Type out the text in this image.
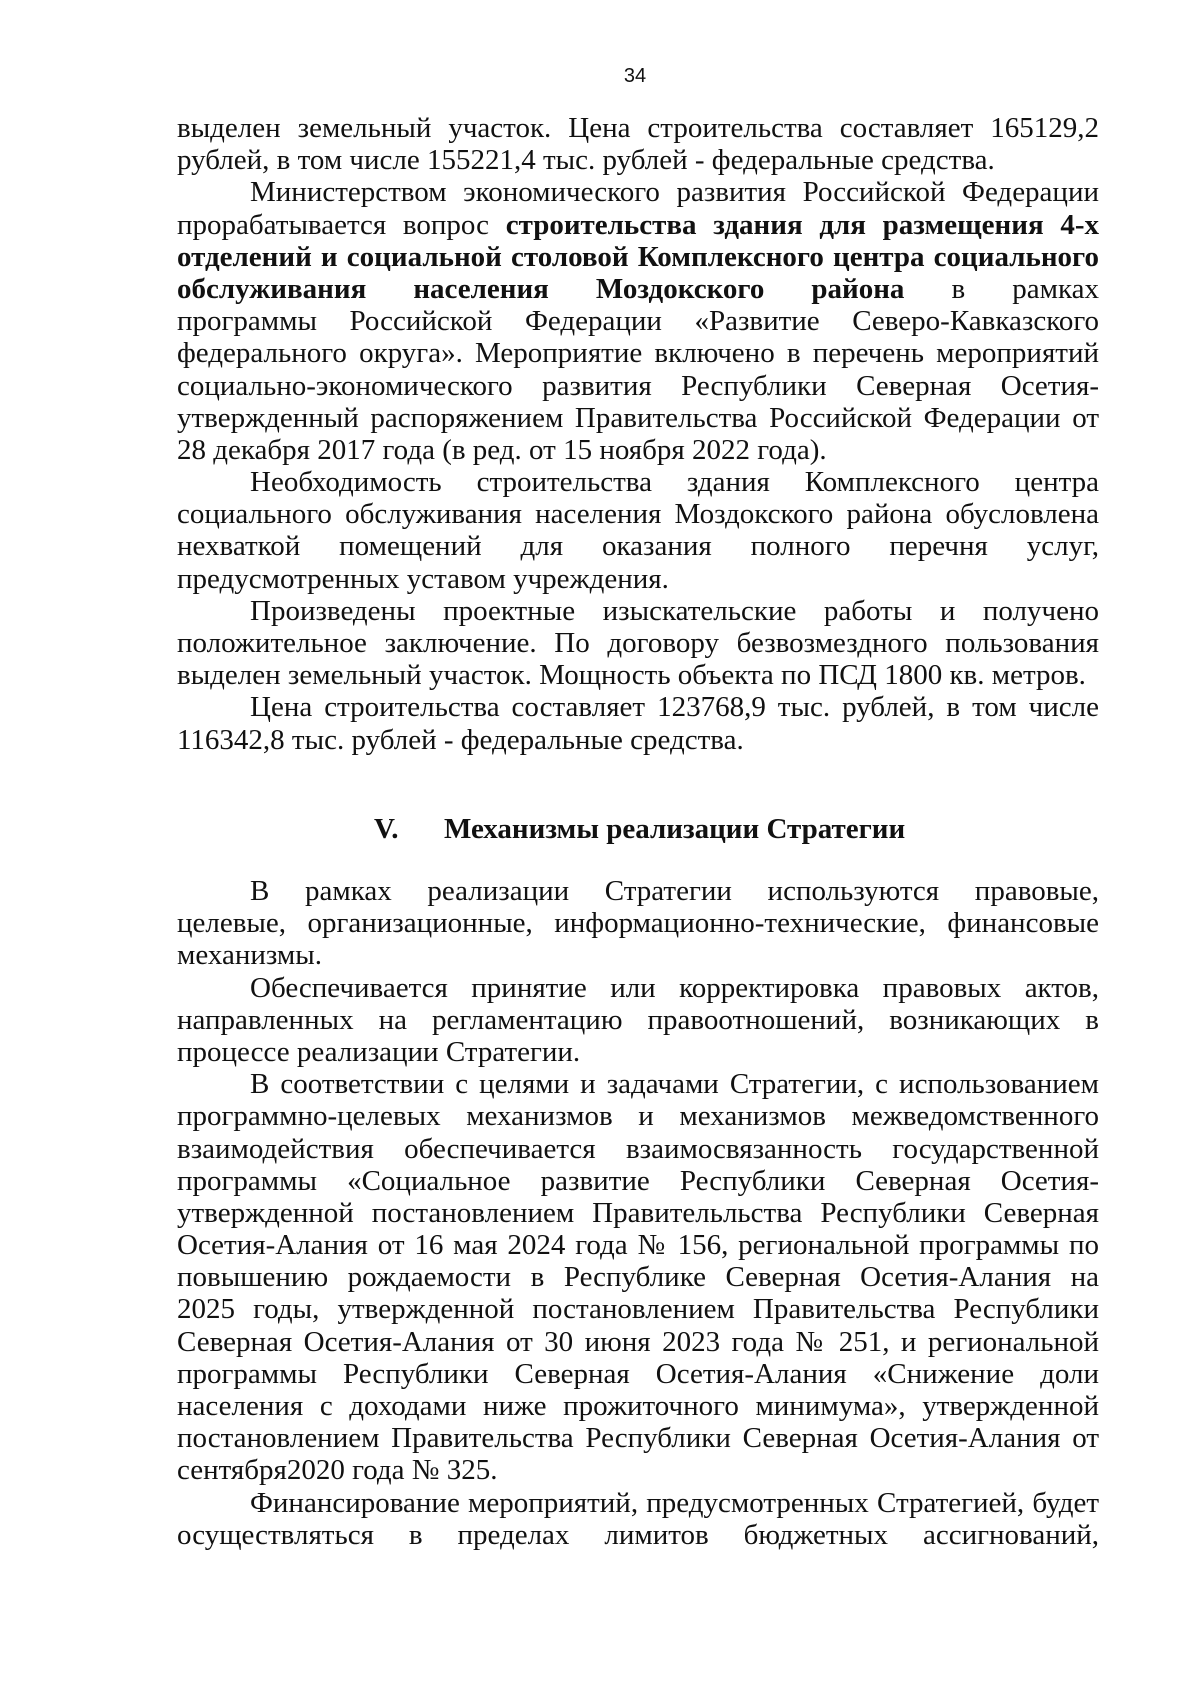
34
выделен земельный участок. Цена строительства составляет 165129,2
рублей, в том числе 155221,4 тыс. рублей - федеральные средства.
Министерством экономического развития Российской Федерации
прорабатывается вопрос строительства здания для размещения 4-х
отделений и социальной столовой Комплексного центра социального
обслуживания населения Моздокского района в рамках
программы Российской Федерации «Развитие Северо-Кавказского
федерального округа». Мероприятие включено в перечень мероприятий
социально-экономического развития Республики Северная Осетия-
утвержденный распоряжением Правительства Российской Федерации от
28 декабря 2017 года (в ред. от 15 ноября 2022 года).
Необходимость строительства здания Комплексного центра
социального обслуживания населения Моздокского района обусловлена
нехваткой помещений для оказания полного перечня услуг,
предусмотренных уставом учреждения.
Произведены проектные изыскательские работы и получено
положительное заключение. По договору безвозмездного пользования
выделен земельный участок. Мощность объекта по ПСД 1800 кв. метров.
Цена строительства составляет 123768,9 тыс. рублей, в том числе
116342,8 тыс. рублей - федеральные средства.
V. Механизмы реализации Стратегии
В рамках реализации Стратегии используются правовые,
целевые, организационные, информационно-технические, финансовые
механизмы.
Обеспечивается принятие или корректировка правовых актов,
направленных на регламентацию правоотношений, возникающих в
процессе реализации Стратегии.
В соответствии с целями и задачами Стратегии, с использованием
программно-целевых механизмов и механизмов межведомственного
взаимодействия обеспечивается взаимосвязанность государственной
программы «Социальное развитие Республики Северная Осетия-
утвержденной постановлением Правительльства Республики Северная
Осетия-Алания от 16 мая 2024 года № 156, региональной программы по
повышению рождаемости в Республике Северная Осетия-Алания на
2025 годы, утвержденной постановлением Правительства Республики
Северная Осетия-Алания от 30 июня 2023 года № 251, и региональной
программы Республики Северная Осетия-Алания «Снижение доли
населения с доходами ниже прожиточного минимума», утвержденной
постановлением Правительства Республики Северная Осетия-Алания от
сентября2020 года № 325.
Финансирование мероприятий, предусмотренных Стратегией, будет
осуществляться в пределах лимитов бюджетных ассигнований,
